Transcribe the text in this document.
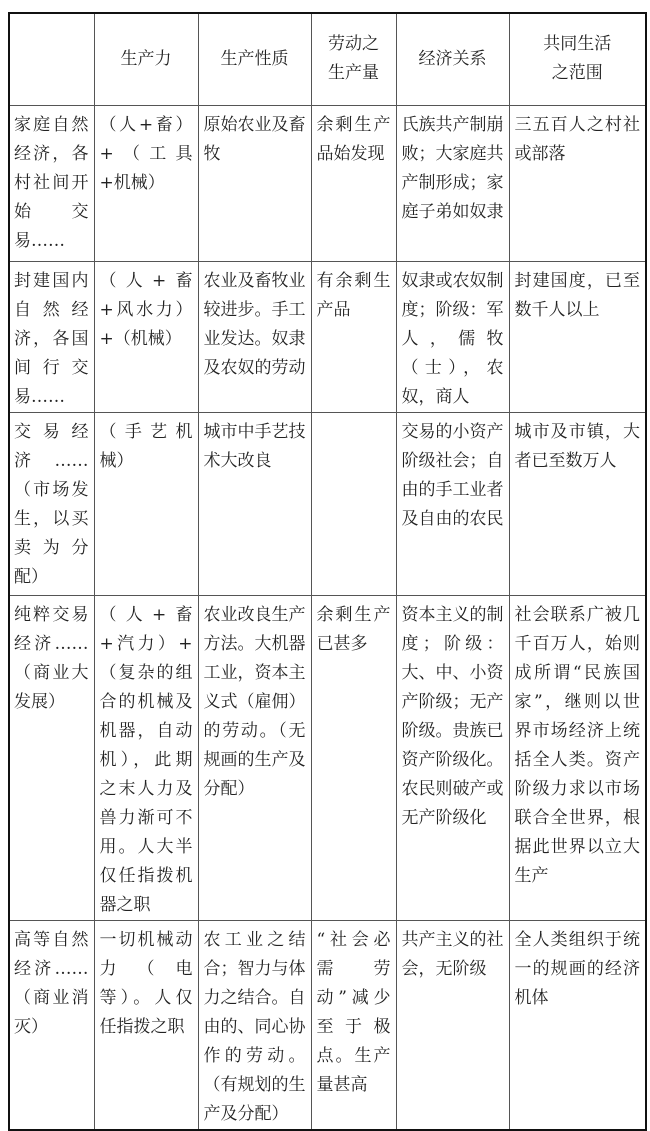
	生产力	生产性质	劳动之生产量	经济关系	共同生活之范围
家庭自然经济，各村社间开始交易……	（人+畜）+（工具+机械）	原始农业及畜牧	余剩生产品始发现	氏族共产制崩败；大家庭共产制形成；家庭子弟如奴隶	三五百人之村社或部落
封建国内自然经济，各国间行交易……	（人+畜+风水力）+（机械）	农业及畜牧业较进步。手工业发达。奴隶及农奴的劳动	有余剩生产品	奴隶或农奴制度；阶级：军人，儒牧（士），农奴，商人	封建国度，已至数千人以上
交易经济……（市场发生，以买卖为分配）	（手艺机械）	城市中手艺技术大改良		交易的小资产阶级社会；自由的手工业者及自由的农民	城市及市镇，大者已至数万人
纯粹交易经济……（商业大发展）	（人+畜+汽力）+（复杂的组合的机械及机器，自动机），此期之末人力及兽力渐可不用。人大半仅任指拨机器之职	农业改良生产方法。大机器工业，资本主义式（雇佣）的劳动。（无规画的生产及分配）	余剩生产已甚多	资本主义的制度；阶级：大、中、小资产阶级；无产阶级。贵族已资产阶级化。农民则破产或无产阶级化	社会联系广被几千百万人，始则成所谓“民族国家”，继则以世界市场经济上统括全人类。资产阶级力求以市场联合全世界，根据此世界以立大生产
高等自然经济……（商业消灭）	一切机械动力（电等）。人仅任指拨之职	农工业之结合；智力与体力之结合。自由的、同心协作的劳动。（有规划的生产及分配）	“社会必需劳动”减少至于极点。生产量甚高	共产主义的社会，无阶级	全人类组织于统一的规画的经济机体
